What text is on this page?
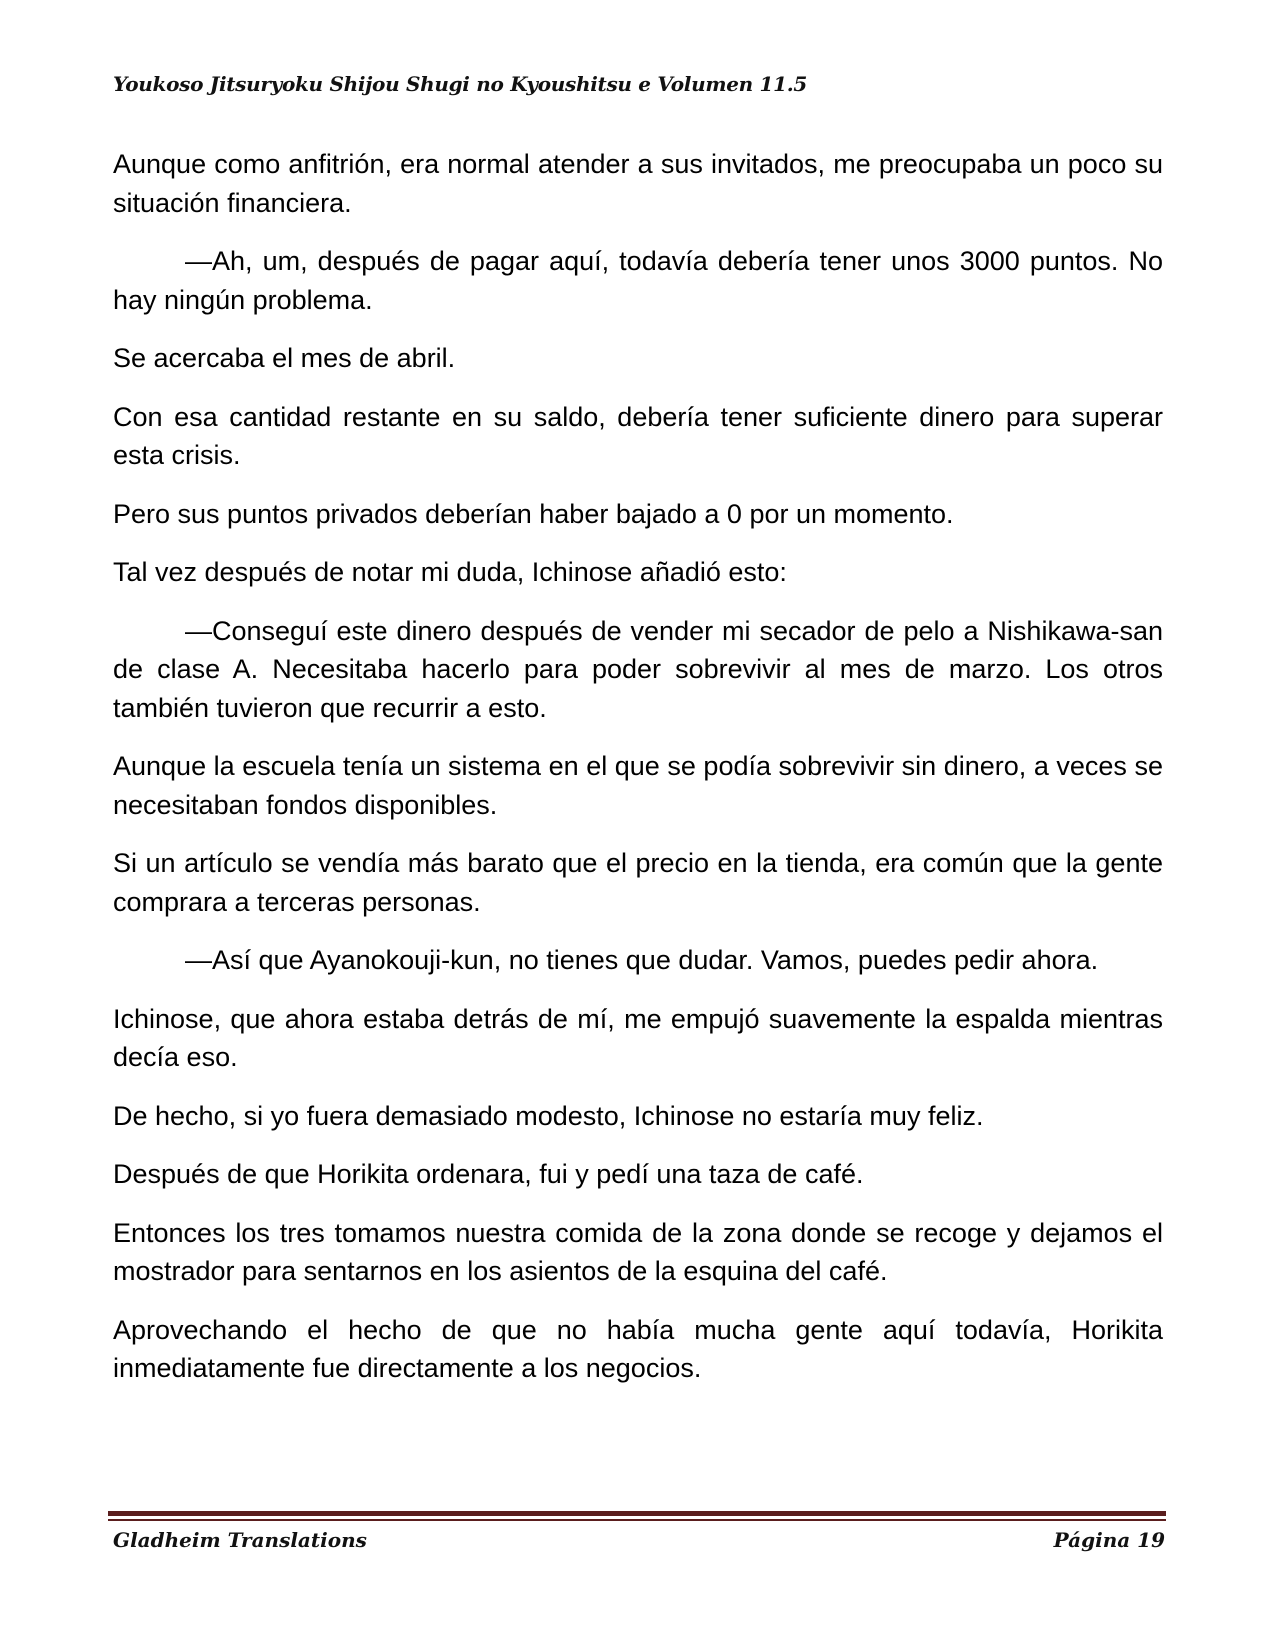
Youkoso Jitsuryoku Shijou Shugi no Kyoushitsu e Volumen 11.5

Aunque como anfitrión, era normal atender a sus invitados, me preocupaba un poco su situación financiera.

—Ah, um, después de pagar aquí, todavía debería tener unos 3000 puntos. No hay ningún problema.

Se acercaba el mes de abril.

Con esa cantidad restante en su saldo, debería tener suficiente dinero para superar esta crisis.

Pero sus puntos privados deberían haber bajado a 0 por un momento.

Tal vez después de notar mi duda, Ichinose añadió esto:

—Conseguí este dinero después de vender mi secador de pelo a Nishikawa-san de clase A. Necesitaba hacerlo para poder sobrevivir al mes de marzo. Los otros también tuvieron que recurrir a esto.

Aunque la escuela tenía un sistema en el que se podía sobrevivir sin dinero, a veces se necesitaban fondos disponibles.

Si un artículo se vendía más barato que el precio en la tienda, era común que la gente comprara a terceras personas.

—Así que Ayanokouji-kun, no tienes que dudar. Vamos, puedes pedir ahora.

Ichinose, que ahora estaba detrás de mí, me empujó suavemente la espalda mientras decía eso.

De hecho, si yo fuera demasiado modesto, Ichinose no estaría muy feliz.

Después de que Horikita ordenara, fui y pedí una taza de café.

Entonces los tres tomamos nuestra comida de la zona donde se recoge y dejamos el mostrador para sentarnos en los asientos de la esquina del café.

Aprovechando el hecho de que no había mucha gente aquí todavía, Horikita inmediatamente fue directamente a los negocios.

Gladheim Translations	Página 19
